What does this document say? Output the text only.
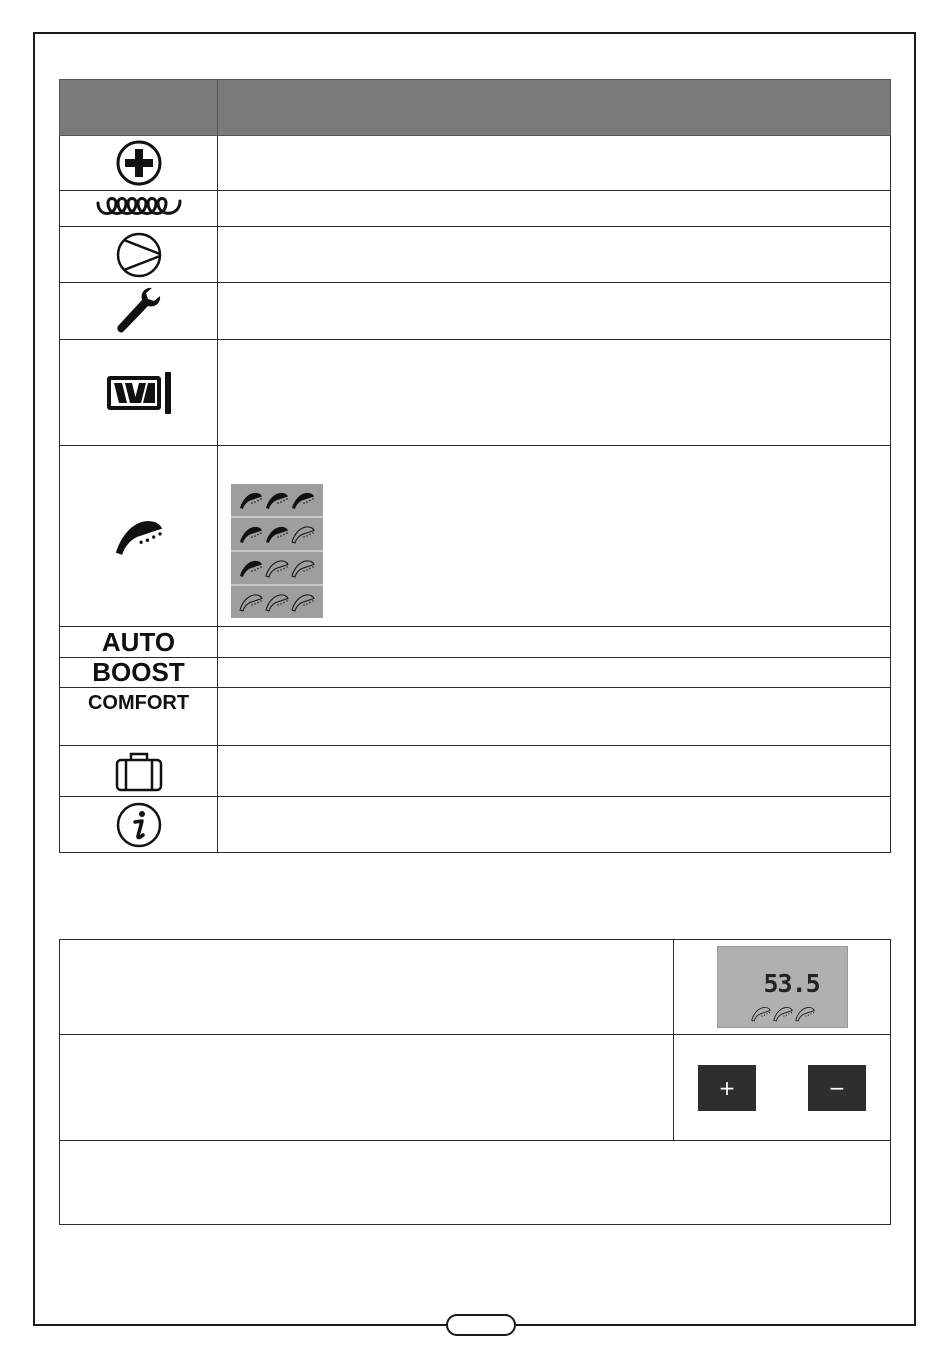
AUTO	
BOOST	
COMFORT	

	53.5

	+ −
